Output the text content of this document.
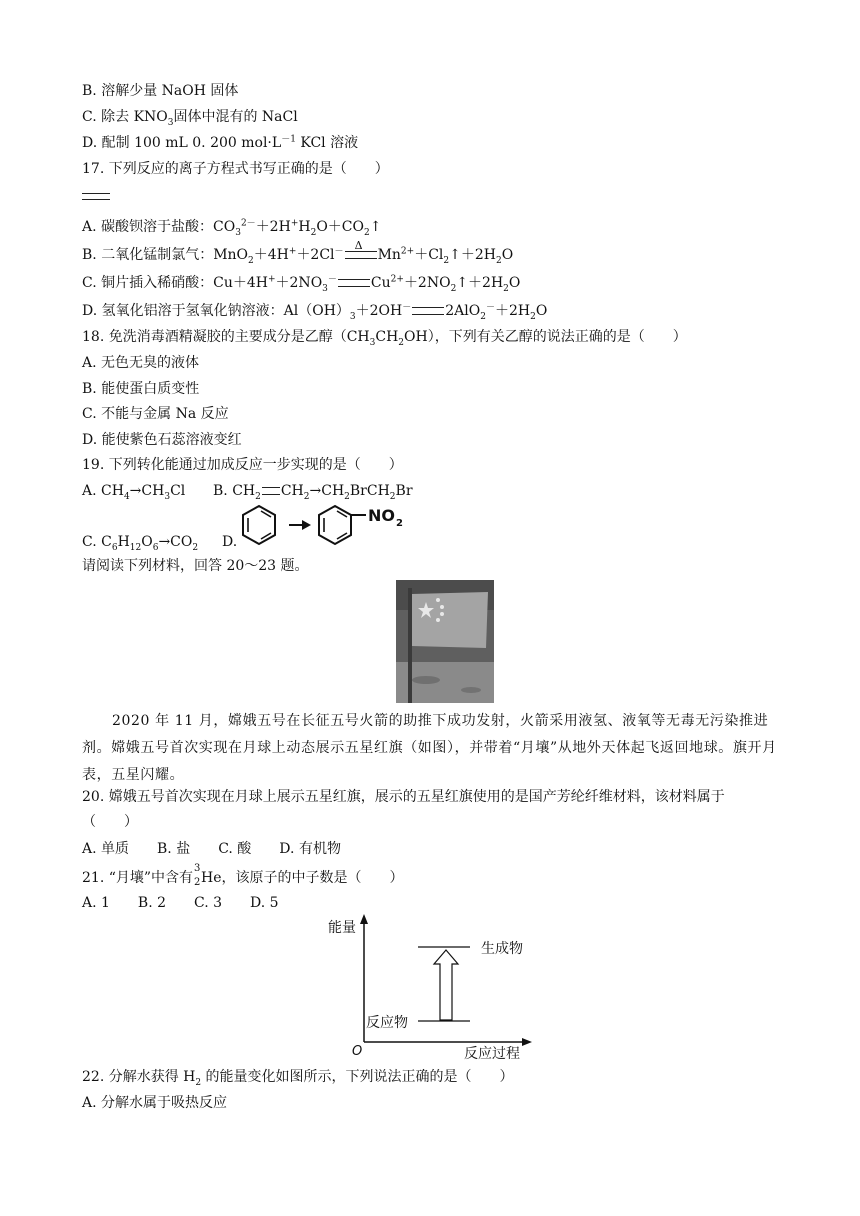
B. 溶解少量 NaOH 固体
C. 除去 $KNO_3$固体中混有的 NaCl
D. 配制 100 mL 0. 200 $mol\cdot L^{-1}$ KCl 溶液
17. 下列反应的离子方程式书写正确的是（　　）
A. 碳酸钡溶于盐酸：$CO_3^{2-}+2H^+H_2O+CO_2↑$
B. 二氧化锰制氯气：MnO$_2$＋4H+＋2Cl－ Δ
$Mn^{2+}+Cl_2↑+2H_2O$
C. 铜片插入稀硝酸：$Cu+4H^++2NO_3^-$ $Cu^{2+}+2NO_2↑+2H_2O$
D. 氢氧化铝溶于氢氧化钠溶液：$Al(OH)_3+2OH^-$ $2AlO_2^-+2H_2O$
18. 免洗消毒酒精凝胶的主要成分是乙醇$(CH_3CH_2OH)$，下列有关乙醇的说法正确的是（　　）
A. 无色无臭的液体
B. 能使蛋白质变性
C. 不能与金属 Na 反应
D. 能使紫色石蕊溶液变红
19. 下列转化能通过加成反应一步实现的是（　　）
A. $CH_4\to CH_3Cl$ B. $CH_2$ $CH_2\to CH_2BrCH_2Br$
C. $C_6H_{12}O_6\to CO_2$ D.
NO 2
请阅读下列材料，回答 20～23 题。
2020 年 11 月，嫦娥五号在长征五号火箭的助推下成功发射，火箭采用液氢、液氧等无毒无污染推进剂。嫦娥五号首次实现在月球上动态展示五星红旗（如图），并带着“月壤”从地外天体起飞返回地球。旗开月表，五星闪耀。
20. 嫦娥五号首次实现在月球上展示五星红旗，展示的五星红旗使用的是国产芳纶纤维材料，该材料属于
（　　）
A. 单质　　B. 盐　　C. 酸　　D. 有机物
21. “月壤”中含有
3
2 He，该原子的中子数是（　　）
A. 1　　B. 2　　C. 3　　D. 5
能量
反应过程
O
生成物
反应物
22. 分解水获得 $H_2$ 的能量变化如图所示，下列说法正确的是（　　）
A. 分解水属于吸热反应
